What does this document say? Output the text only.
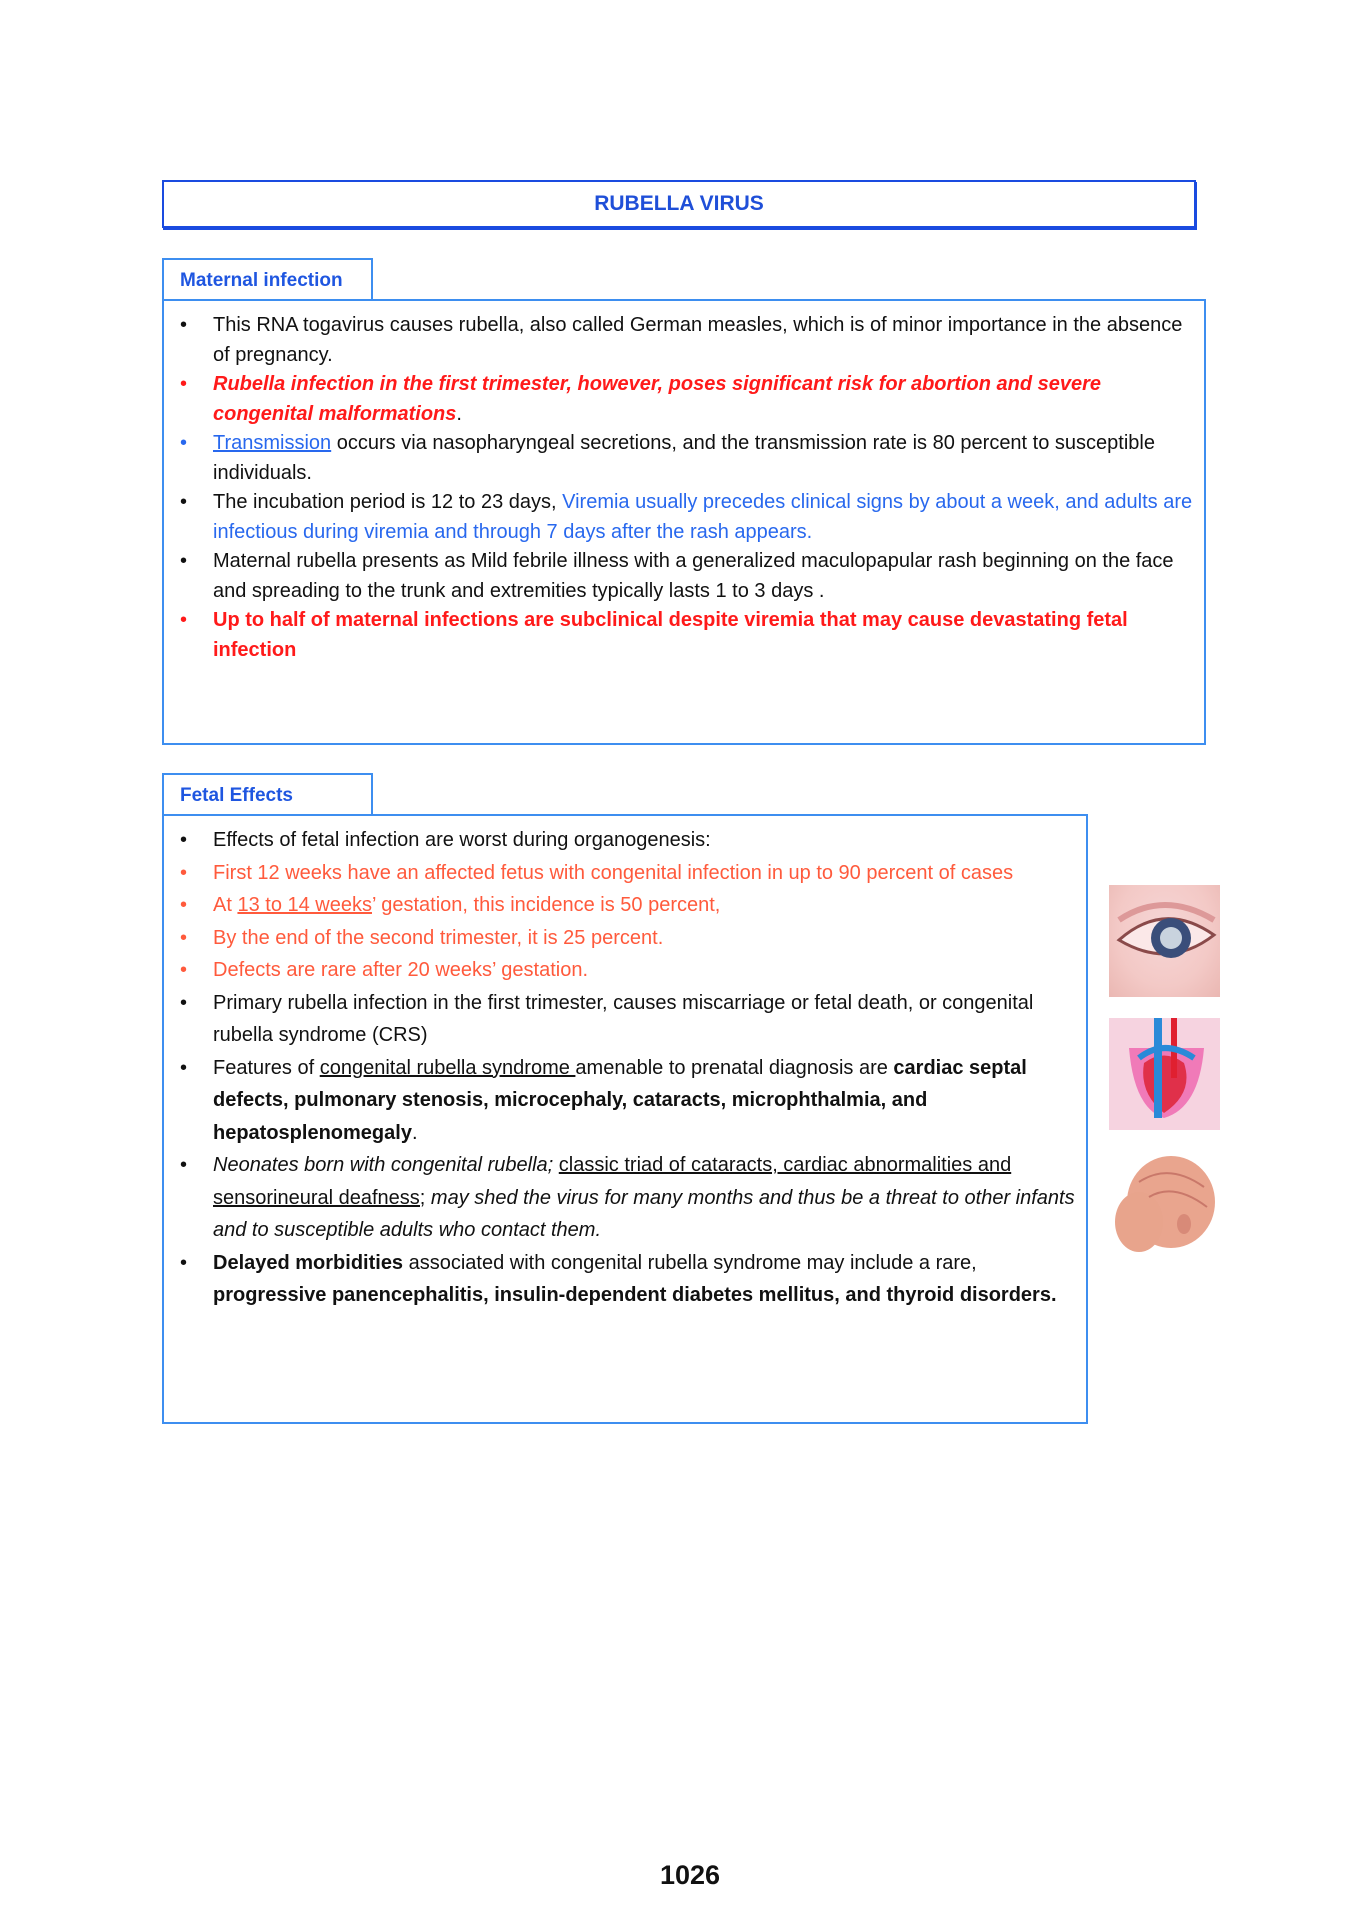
RUBELLA VIRUS
Maternal infection
• This RNA togavirus causes rubella, also called German measles, which is of minor importance in the absence of pregnancy.
• Rubella infection in the first trimester, however, poses significant risk for abortion and severe congenital malformations.
• Transmission occurs via nasopharyngeal secretions, and the transmission rate is 80 percent to susceptible individuals.
• The incubation period is 12 to 23 days, Viremia usually precedes clinical signs by about a week, and adults are infectious during viremia and through 7 days after the rash appears.
• Maternal rubella presents as Mild febrile illness with a generalized maculopapular rash beginning on the face and spreading to the trunk and extremities typically lasts 1 to 3 days .
• Up to half of maternal infections are subclinical despite viremia that may cause devastating fetal infection
Fetal Effects
• Effects of fetal infection are worst during organogenesis:
• First 12 weeks have an affected fetus with congenital infection in up to 90 percent of cases
• At 13 to 14 weeks’ gestation, this incidence is 50 percent,
• By the end of the second trimester, it is 25 percent.
• Defects are rare after 20 weeks’ gestation.
• Primary rubella infection in the first trimester, causes miscarriage or fetal death, or congenital rubella syndrome (CRS)
• Features of congenital rubella syndrome amenable to prenatal diagnosis are cardiac septal defects, pulmonary stenosis, microcephaly, cataracts, microphthalmia, and hepatosplenomegaly.
• Neonates born with congenital rubella; classic triad of cataracts, cardiac abnormalities and sensorineural deafness; may shed the virus for many months and thus be a threat to other infants and to susceptible adults who contact them.
• Delayed morbidities associated with congenital rubella syndrome may include a rare, progressive panencephalitis, insulin-dependent diabetes mellitus, and thyroid disorders.
1026
